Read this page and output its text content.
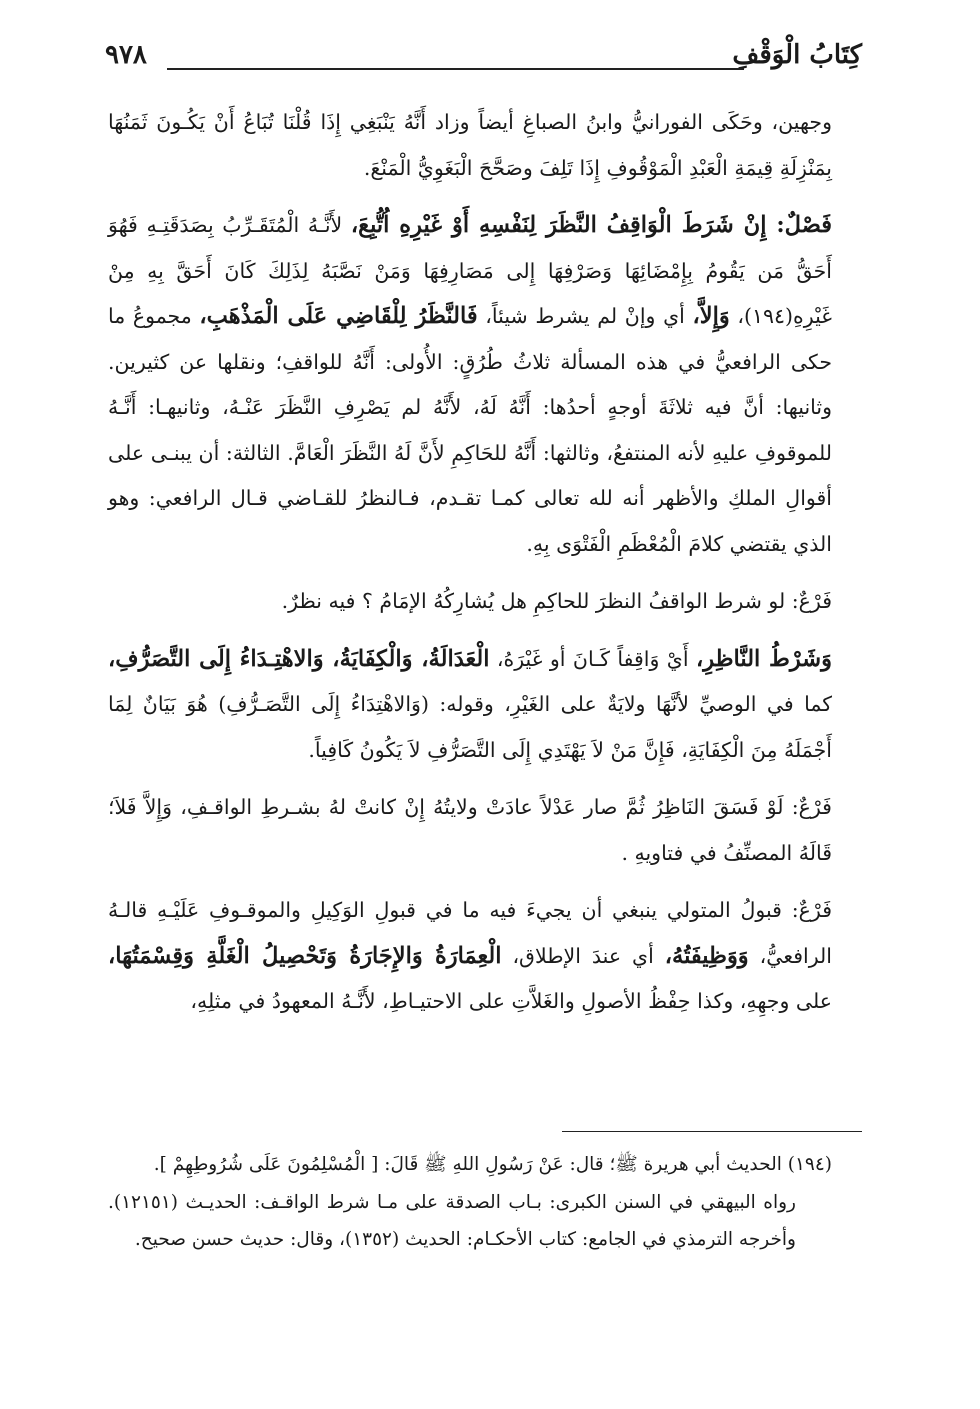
كِتَابُ الْوَقْفِ
٩٧٨

وجهين، وحَكَى الفورانيُّ وابنُ الصباغِ أيضاً وزاد أَنَّهُ يَنْبَغِي إِذَا قُلْنَا تُبَاعُ أَنْ يَكُـونَ ثَمَنُهَا بِمَنْزِلَةِ قِيمَةِ الْعَبْدِ الْمَوْقُوفِ إِذَا تَلِفَ وصَحَّحَ الْبَغَوِيُّ الْمَنْعَ.

فَصْلٌ: إِنْ شَرَطَ الْوَاقِفُ النَّظَرَ لِنَفْسِهِ أَوْ غَيْرِهِ اُتُّبِعَ، لأَنَّـهُ الْمُتَقَـرِّبُ بِصَدَقَتِـهِ فَهُوَ أَحَقُّ مَن يَقُومُ بِإِمْضَائِهَا وَصَرْفِهَا إِلى مَصَارِفِهَا وَمَنْ نَصَّبَهُ لِذَلِكَ كَانَ أَحَقَّ بِهِ مِنْ غَيْرِهِ(١٩٤)، وَإِلاَّ، أي وإنْ لم يشرط شيئاً، فَالنَّظَرُ لِلْقَاضِي عَلَى الْمَذْهَبِ، مجموعُ ما حكى الرافعيُّ في هذه المسألة ثلاثُ طُرُقٍ: الأُولى: أَنَّهُ للواقفِ؛ ونقلها عن كثيرين. وثانيها: أنَّ فيه ثلاثَةَ أوجهٍ أحدُها: أَنَّهُ لَهُ، لأَنَّهُ لم يَصْرِفِ النَّظَرَ عَنْـهُ، وثانيهـا: أَنَّـهُ للموقوفِ عليهِ لأنه المنتفعُ، وثالثها: أَنَّهُ للحَاكِمِ لأَنَّ لَهُ النَّظَرَ الْعَامَّ. الثالثة: أن يبنـى على أقوالِ الملكِ والأظهر أنه لله تعالى كمـا تقـدم، فـالنظرُ للقـاضي قـال الرافعي: وهو الذي يقتضي كلامَ الْمُعْظَمِ الْفَتْوَى بِهِ.

فَرْعٌ: لو شرط الواقفُ النظرَ للحاكِمِ هل يُشارِكُهُ الإمَامُ ؟ فيه نظرٌ.

وَشَرْطُ النَّاظِرِ، أَيْ وَاقِفاً كَـانَ أو غَيْرَهُ، الْعَدَالَةُ، وَالْكِفَايَةُ، وَالاهْتِـدَاءُ إِلَى التَّصَرُّفِ، كما في الوصيِّ لأنَّهَا ولايَةٌ على الغَيْرِ، وقوله: (وَالاهْتِدَاءُ إِلَى التَّصَـرُّفِ) هُوَ بَيَانٌ لِمَا أَجْمَلَهُ مِنَ الْكِفَايَةِ، فَإِنَّ مَنْ لاَ يَهْتَدِي إِلَى التَّصَرُّفِ لاَ يَكُونُ كَافِياً.

فَرْعٌ: لَوْ فَسَقَ النَاظِرُ ثُمَّ صار عَدْلاً عادَتْ ولايتُهُ إِنْ كانتْ لهُ بشـرطِ الواقـفِ، وَإِلاَّ فَلاَ؛ قَالَهُ المصنِّفُ في فتاويهِ .

فَرْعٌ: قبولُ المتولي ينبغي أن يجيءَ فيه ما في قبولِ الوَكِيلِ والموقـوفِ عَلَيْـهِ قالـهُ الرافعيُّ، وَوَظِيفَتُهُ، أي عندَ الإطلاق، الْعِمَارَةُ وَالإِجَارَةُ وَتَحْصِيلُ الْغَلَّةِ وَقِسْمَتُهَا، على وجهِهِ، وكذا حِفْظُ الأصولِ والغَلاَّتِ على الاحتيـاطِ، لأَنَّـهُ المعهودُ في مثلِهِ،

(١٩٤) الحديث أبي هريرة ﷺ؛ قال: عَنْ رَسُولِ اللهِ ﷺ قَالَ: [ الْمُسْلِمُونَ عَلَى شُرُوطِهِمْ ].

رواه البيهقي في السنن الكبرى: بـاب الصدقة على مـا شرط الواقـف: الحديـث (١٢١٥١). وأخرجه الترمذي في الجامع: كتاب الأحكـام: الحديث (١٣٥٢)، وقال: حديث حسن صحيح.
